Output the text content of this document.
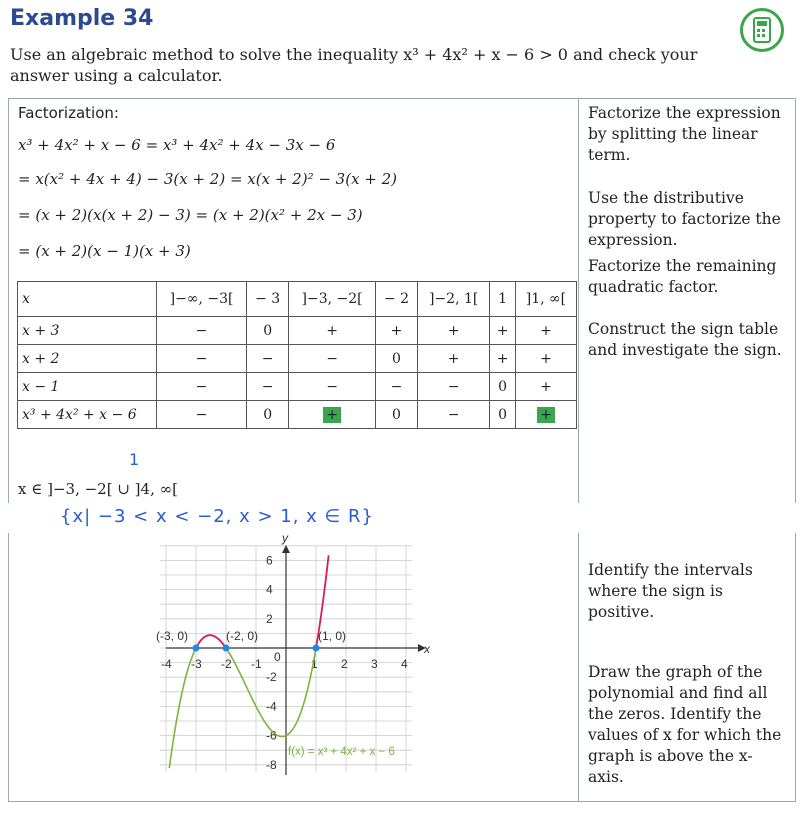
Example 34
Use an algebraic method to solve the inequality x³ + 4x² + x − 6 > 0 and check your answer using a calculator.
Factorization:
x³ + 4x² + x − 6 = x³ + 4x² + 4x − 3x − 6
= x(x² + 4x + 4) − 3(x + 2) = x(x + 2)² − 3(x + 2)
= (x + 2)(x(x + 2) − 3) = (x + 2)(x² + 2x − 3)
= (x + 2)(x − 1)(x + 3)
Factorize the expression by splitting the linear term.
Use the distributive property to factorize the expression.
Factorize the remaining quadratic factor.
Construct the sign table and investigate the sign.
Identify the intervals where the sign is positive.
Draw the graph of the polynomial and find all the zeros. Identify the values of x for which the graph is above the x-axis.
x	]−∞, −3[	− 3	]−3, −2[	− 2	]−2, 1[	1	]1, ∞[
x + 3	−	0	+	+	+	+	+
x + 2	−	−	−	0	+	+	+
x − 1	−	−	−	−	−	0	+
x³ + 4x² + x − 6	−	0	+	0	−	0	+
1
x ∈ ]−3, −2[ ∪ ]4, ∞[
{x| −3 < x < −2, x > 1, x ∈ R}
y
x
-4 -3 -2 -1	1 2 3 4
6
4
2
-2
-4
-6
-8
0
(-3, 0)	(-2, 0)	(1, 0)
f(x) = x³ + 4x² + x − 6
